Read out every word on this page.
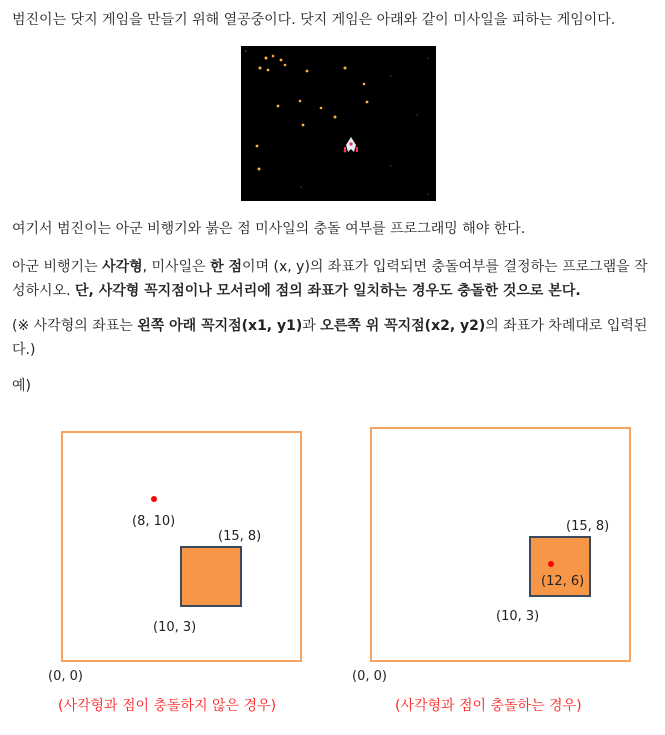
범진이는 닷지 게임을 만들기 위해 열공중이다. 닷지 게임은 아래와 같이 미사일을 피하는 게임이다.

여기서 범진이는 아군 비행기와 붉은 점 미사일의 충돌 여부를 프로그래밍 해야 한다.

아군 비행기는 사각형, 미사일은 한 점이며 (x, y)의 좌표가 입력되면 충돌여부를 결정하는 프로그램을 작성하시오. 단, 사각형 꼭지점이나 모서리에 점의 좌표가 일치하는 경우도 충돌한 것으로 본다.

(※ 사각형의 좌표는 왼쪽 아래 꼭지점(x1, y1)과 오른쪽 위 꼭지점(x2, y2)의 좌표가 차례대로 입력된다.)

예)

(8, 10)
(15, 8)
(10, 3)
(0, 0)
(12, 6)
(15, 8)
(10, 3)
(0, 0)
(사각형과 점이 충돌하지 않은 경우)	(사각형과 점이 충돌하는 경우)
